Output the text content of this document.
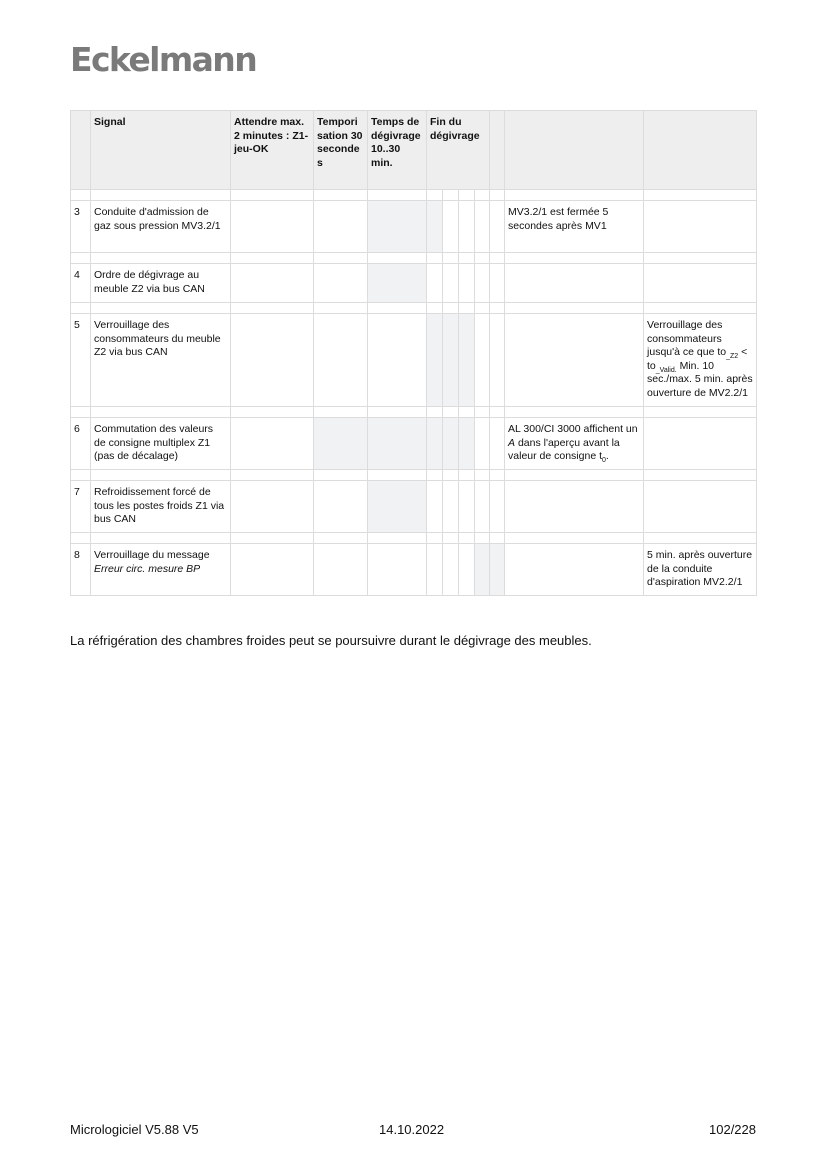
Eckelmann
	Signal	Attendre max. 2 minutes : Z1-jeu-OK	Tempori sation 30 seconde s	Temps de dégivrage 10..30 min.	Fin du dégivrage						

3	Conduite d'admission de gaz sous pression MV3.2/1									MV3.2/1 est fermée 5 secondes après MV1	

4	Ordre de dégivrage au meuble Z2 via bus CAN										

5	Verrouillage des consommateurs du meuble Z2 via bus CAN										Verrouillage des consommateurs jusqu'à ce que $to_{\_Z2} < to_{\_Valid.}$ Min. 10 sec./max. 5 min. après ouverture de MV2.2/1

6	Commutation des valeurs de consigne multiplex Z1 (pas de décalage)									AL 300/CI 3000 affichent un A dans l'aperçu avant la valeur de consigne $t_0$.	

7	Refroidissement forcé de tous les postes froids Z1 via bus CAN										

8	Verrouillage du message
Erreur circ. mesure BP										5 min. après ouverture de la conduite d'aspiration MV2.2/1

La réfrigération des chambres froides peut se poursuivre durant le dégivrage des meubles.

Micrologiciel V5.88 V5	14.10.2022	102/228
